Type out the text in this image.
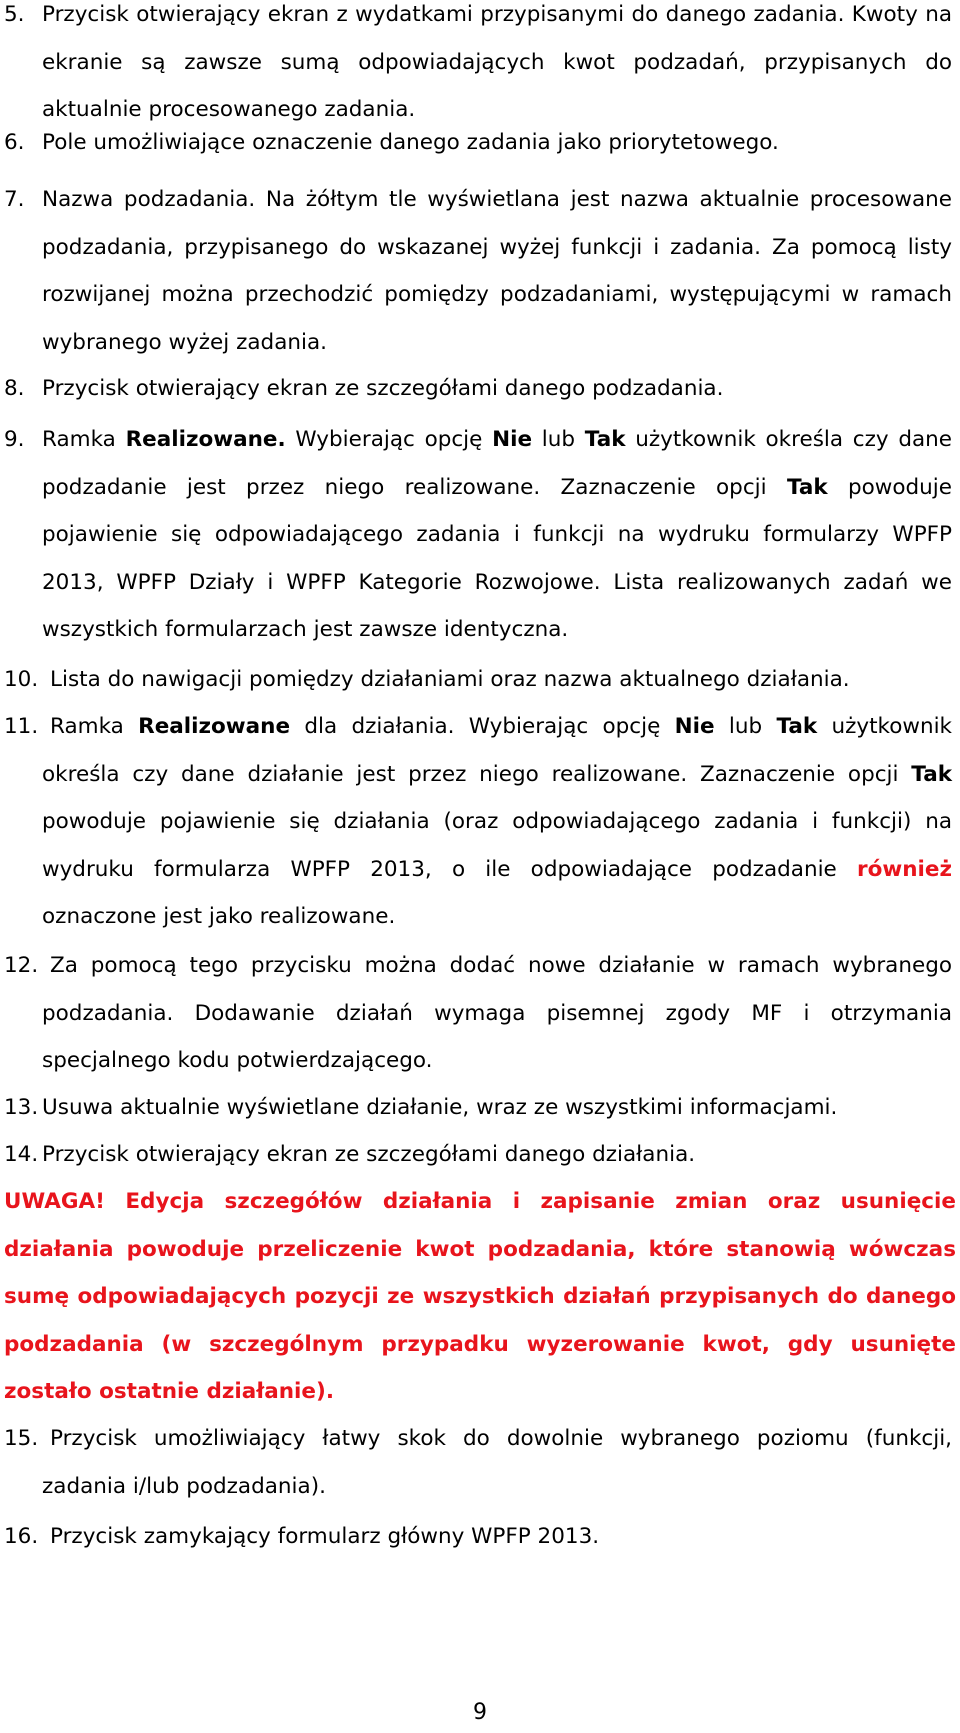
5. Przycisk otwierający ekran z wydatkami przypisanymi do danego zadania. Kwoty na ekranie są zawsze sumą odpowiadających kwot podzadań, przypisanych do aktualnie procesowanego zadania.
6. Pole umożliwiające oznaczenie danego zadania jako priorytetowego.
7. Nazwa podzadania. Na żółtym tle wyświetlana jest nazwa aktualnie procesowane podzadania, przypisanego do wskazanej wyżej funkcji i zadania. Za pomocą listy rozwijanej można przechodzić pomiędzy podzadaniami, występującymi w ramach wybranego wyżej zadania.
8. Przycisk otwierający ekran ze szczegółami danego podzadania.
9. Ramka Realizowane. Wybierając opcję Nie lub Tak użytkownik określa czy dane podzadanie jest przez niego realizowane. Zaznaczenie opcji Tak powoduje pojawienie się odpowiadającego zadania i funkcji na wydruku formularzy WPFP 2013, WPFP Działy i WPFP Kategorie Rozwojowe. Lista realizowanych zadań we wszystkich formularzach jest zawsze identyczna.
10. Lista do nawigacji pomiędzy działaniami oraz nazwa aktualnego działania.
11. Ramka Realizowane dla działania. Wybierając opcję Nie lub Tak użytkownik określa czy dane działanie jest przez niego realizowane. Zaznaczenie opcji Tak powoduje pojawienie się działania (oraz odpowiadającego zadania i funkcji) na wydruku formularza WPFP 2013, o ile odpowiadające podzadanie również oznaczone jest jako realizowane.
12. Za pomocą tego przycisku można dodać nowe działanie w ramach wybranego podzadania. Dodawanie działań wymaga pisemnej zgody MF i otrzymania specjalnego kodu potwierdzającego.
13. Usuwa aktualnie wyświetlane działanie, wraz ze wszystkimi informacjami.
14. Przycisk otwierający ekran ze szczegółami danego działania.
UWAGA! Edycja szczegółów działania i zapisanie zmian oraz usunięcie działania powoduje przeliczenie kwot podzadania, które stanowią wówczas sumę odpowiadających pozycji ze wszystkich działań przypisanych do danego podzadania (w szczególnym przypadku wyzerowanie kwot, gdy usunięte zostało ostatnie działanie).
15. Przycisk umożliwiający łatwy skok do dowolnie wybranego poziomu (funkcji, zadania i/lub podzadania).
16. Przycisk zamykający formularz główny WPFP 2013.
9
